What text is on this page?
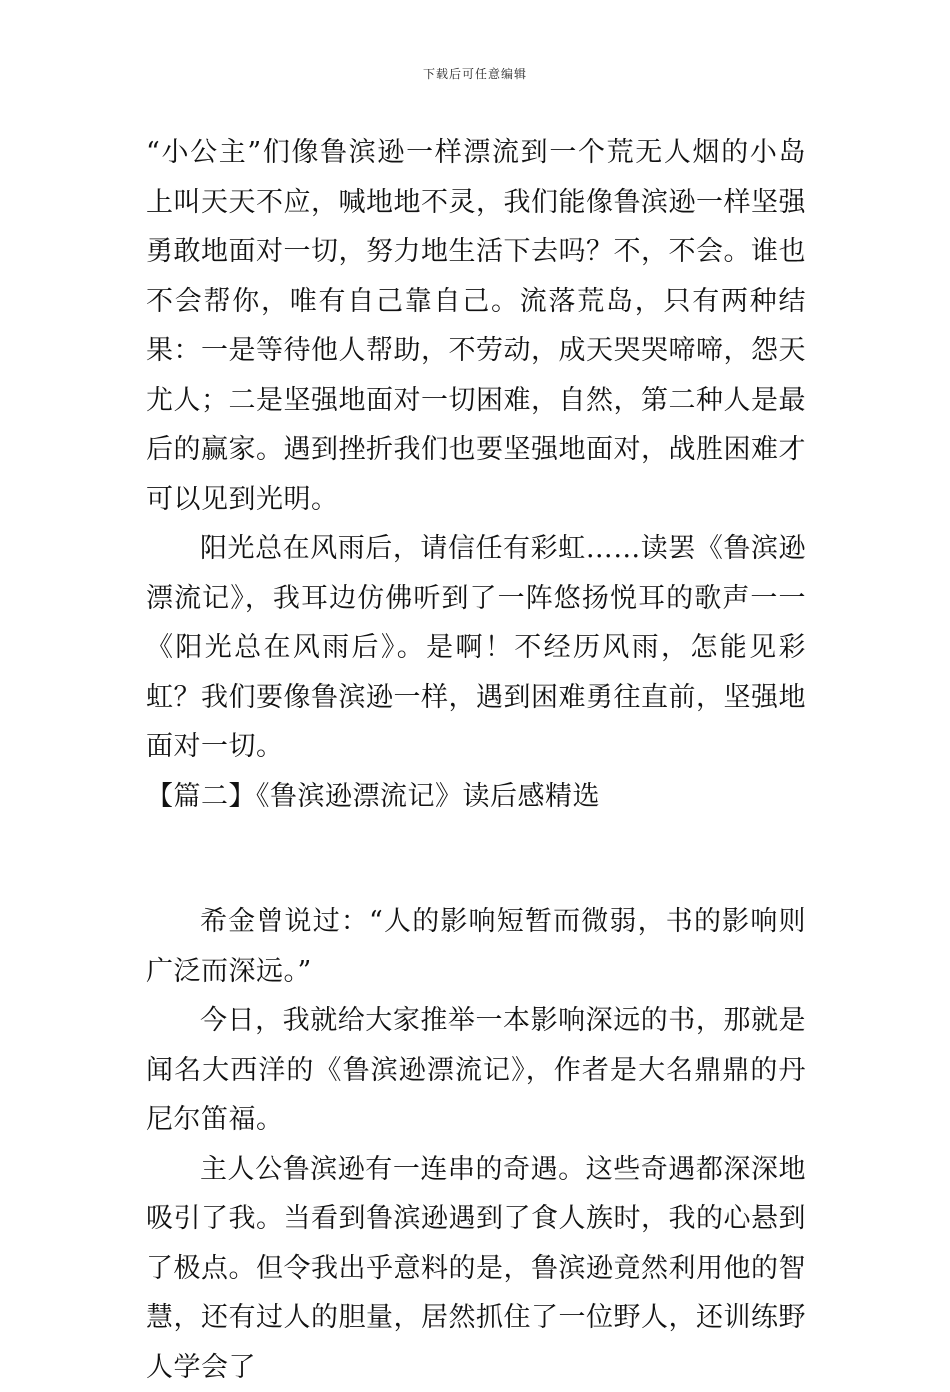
下载后可任意编辑

“小公主”们像鲁滨逊一样漂流到一个荒无人烟的小岛上叫天天不应，喊地地不灵，我们能像鲁滨逊一样坚强勇敢地面对一切，努力地生活下去吗？不，不会。谁也不会帮你，唯有自己靠自己。流落荒岛，只有两种结果：一是等待他人帮助，不劳动，成天哭哭啼啼，怨天尤人；二是坚强地面对一切困难，自然，第二种人是最后的赢家。遇到挫折我们也要坚强地面对，战胜困难才可以见到光明。

阳光总在风雨后，请信任有彩虹……读罢《鲁滨逊漂流记》，我耳边仿佛听到了一阵悠扬悦耳的歌声一一《阳光总在风雨后》。是啊！不经历风雨，怎能见彩虹？我们要像鲁滨逊一样，遇到困难勇往直前，坚强地面对一切。

【篇二】《鲁滨逊漂流记》读后感精选

希金曾说过：“人的影响短暂而微弱，书的影响则广泛而深远。”

今日，我就给大家推举一本影响深远的书，那就是闻名大西洋的《鲁滨逊漂流记》，作者是大名鼎鼎的丹尼尔笛福。

主人公鲁滨逊有一连串的奇遇。这些奇遇都深深地吸引了我。当看到鲁滨逊遇到了食人族时，我的心悬到了极点。但令我出乎意料的是，鲁滨逊竟然利用他的智慧，还有过人的胆量，居然抓住了一位野人，还训练野人学会了
